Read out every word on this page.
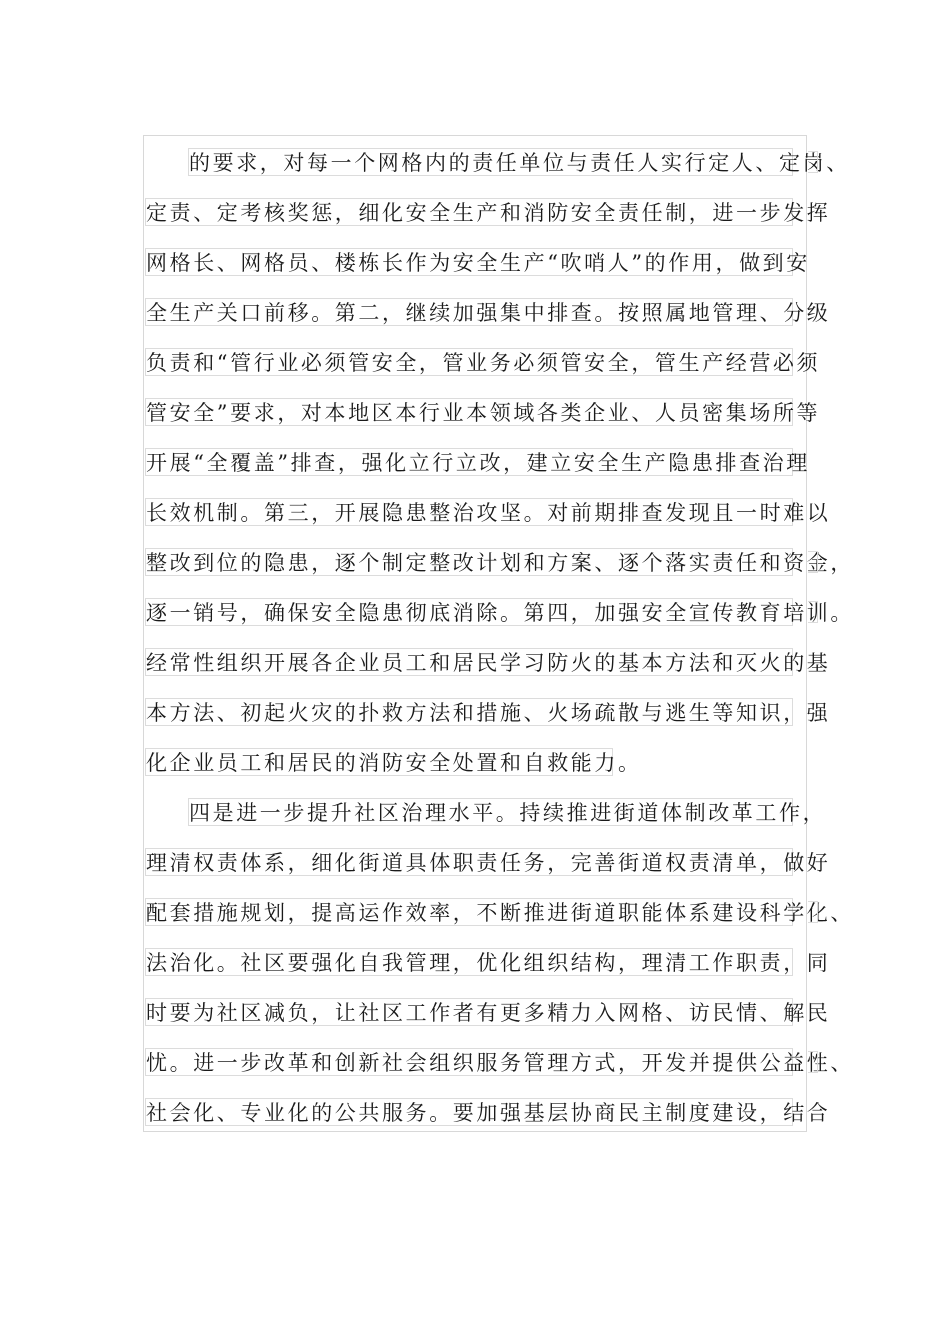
的要求，对每一个网格内的责任单位与责任人实行定人、定岗、
定责、定考核奖惩，细化安全生产和消防安全责任制，进一步发挥
网格长、网格员、楼栋长作为安全生产“吹哨人”的作用，做到安
全生产关口前移。第二，继续加强集中排查。按照属地管理、分级
负责和“管行业必须管安全，管业务必须管安全，管生产经营必须
管安全”要求，对本地区本行业本领域各类企业、人员密集场所等
开展“全覆盖”排查，强化立行立改，建立安全生产隐患排查治理
长效机制。第三，开展隐患整治攻坚。对前期排查发现且一时难以
整改到位的隐患，逐个制定整改计划和方案、逐个落实责任和资金，
逐一销号，确保安全隐患彻底消除。第四，加强安全宣传教育培训。
经常性组织开展各企业员工和居民学习防火的基本方法和灭火的基
本方法、初起火灾的扑救方法和措施、火场疏散与逃生等知识，强
化企业员工和居民的消防安全处置和自救能力。
四是进一步提升社区治理水平。持续推进街道体制改革工作，
理清权责体系，细化街道具体职责任务，完善街道权责清单，做好
配套措施规划，提高运作效率，不断推进街道职能体系建设科学化、
法治化。社区要强化自我管理，优化组织结构，理清工作职责，同
时要为社区减负，让社区工作者有更多精力入网格、访民情、解民
忧。进一步改革和创新社会组织服务管理方式，开发并提供公益性、
社会化、专业化的公共服务。要加强基层协商民主制度建设，结合
